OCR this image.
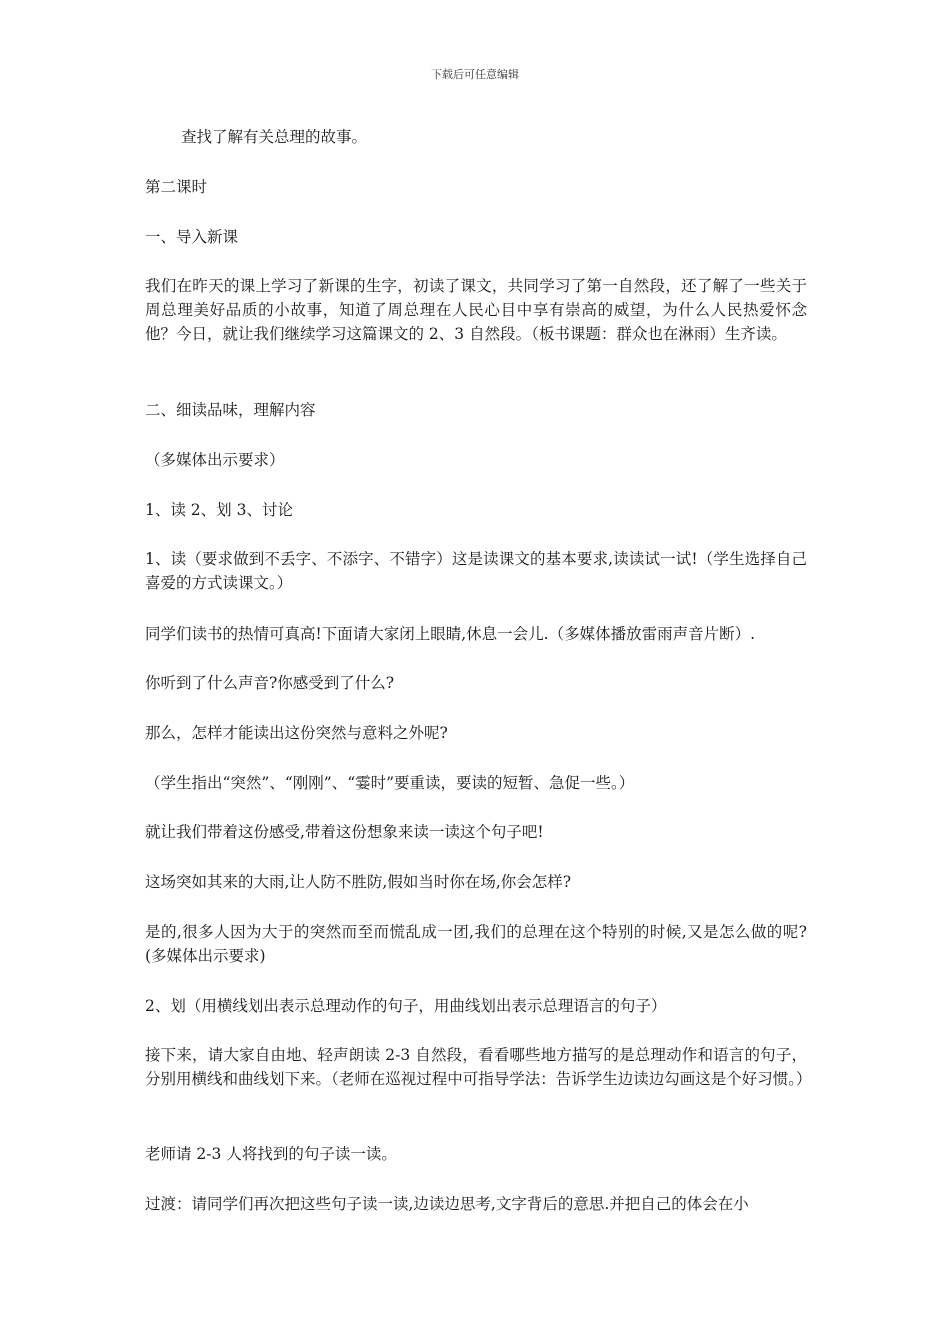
下载后可任意编辑

查找了解有关总理的故事。

第二课时

一、导入新课

我们在昨天的课上学习了新课的生字，初读了课文，共同学习了第一自然段，还了解了一些关于周总理美好品质的小故事，知道了周总理在人民心目中享有崇高的威望，为什么人民热爱怀念他？今日，就让我们继续学习这篇课文的 2、3 自然段。（板书课题：群众也在淋雨）生齐读。

二、细读品味，理解内容

（多媒体出示要求）

1、读 2、划 3、讨论

1、读（要求做到不丢字、不添字、不错字）这是读课文的基本要求,读读试一试!（学生选择自己喜爱的方式读课文。）

同学们读书的热情可真高!下面请大家闭上眼睛,休息一会儿.（多媒体播放雷雨声音片断）.

你听到了什么声音?你感受到了什么?

那么，怎样才能读出这份突然与意料之外呢?

（学生指出“突然”、“刚刚”、“霎时”要重读，要读的短暂、急促一些。）

就让我们带着这份感受,带着这份想象来读一读这个句子吧!

这场突如其来的大雨,让人防不胜防,假如当时你在场,你会怎样?

是的,很多人因为大于的突然而至而慌乱成一团,我们的总理在这个特别的时候,又是怎么做的呢?(多媒体出示要求)

2、划（用横线划出表示总理动作的句子，用曲线划出表示总理语言的句子）

接下来，请大家自由地、轻声朗读 2-3 自然段，看看哪些地方描写的是总理动作和语言的句子，分别用横线和曲线划下来。（老师在巡视过程中可指导学法：告诉学生边读边勾画这是个好习惯。）

老师请 2-3 人将找到的句子读一读。

过渡：请同学们再次把这些句子读一读,边读边思考,文字背后的意思.并把自己的体会在小
